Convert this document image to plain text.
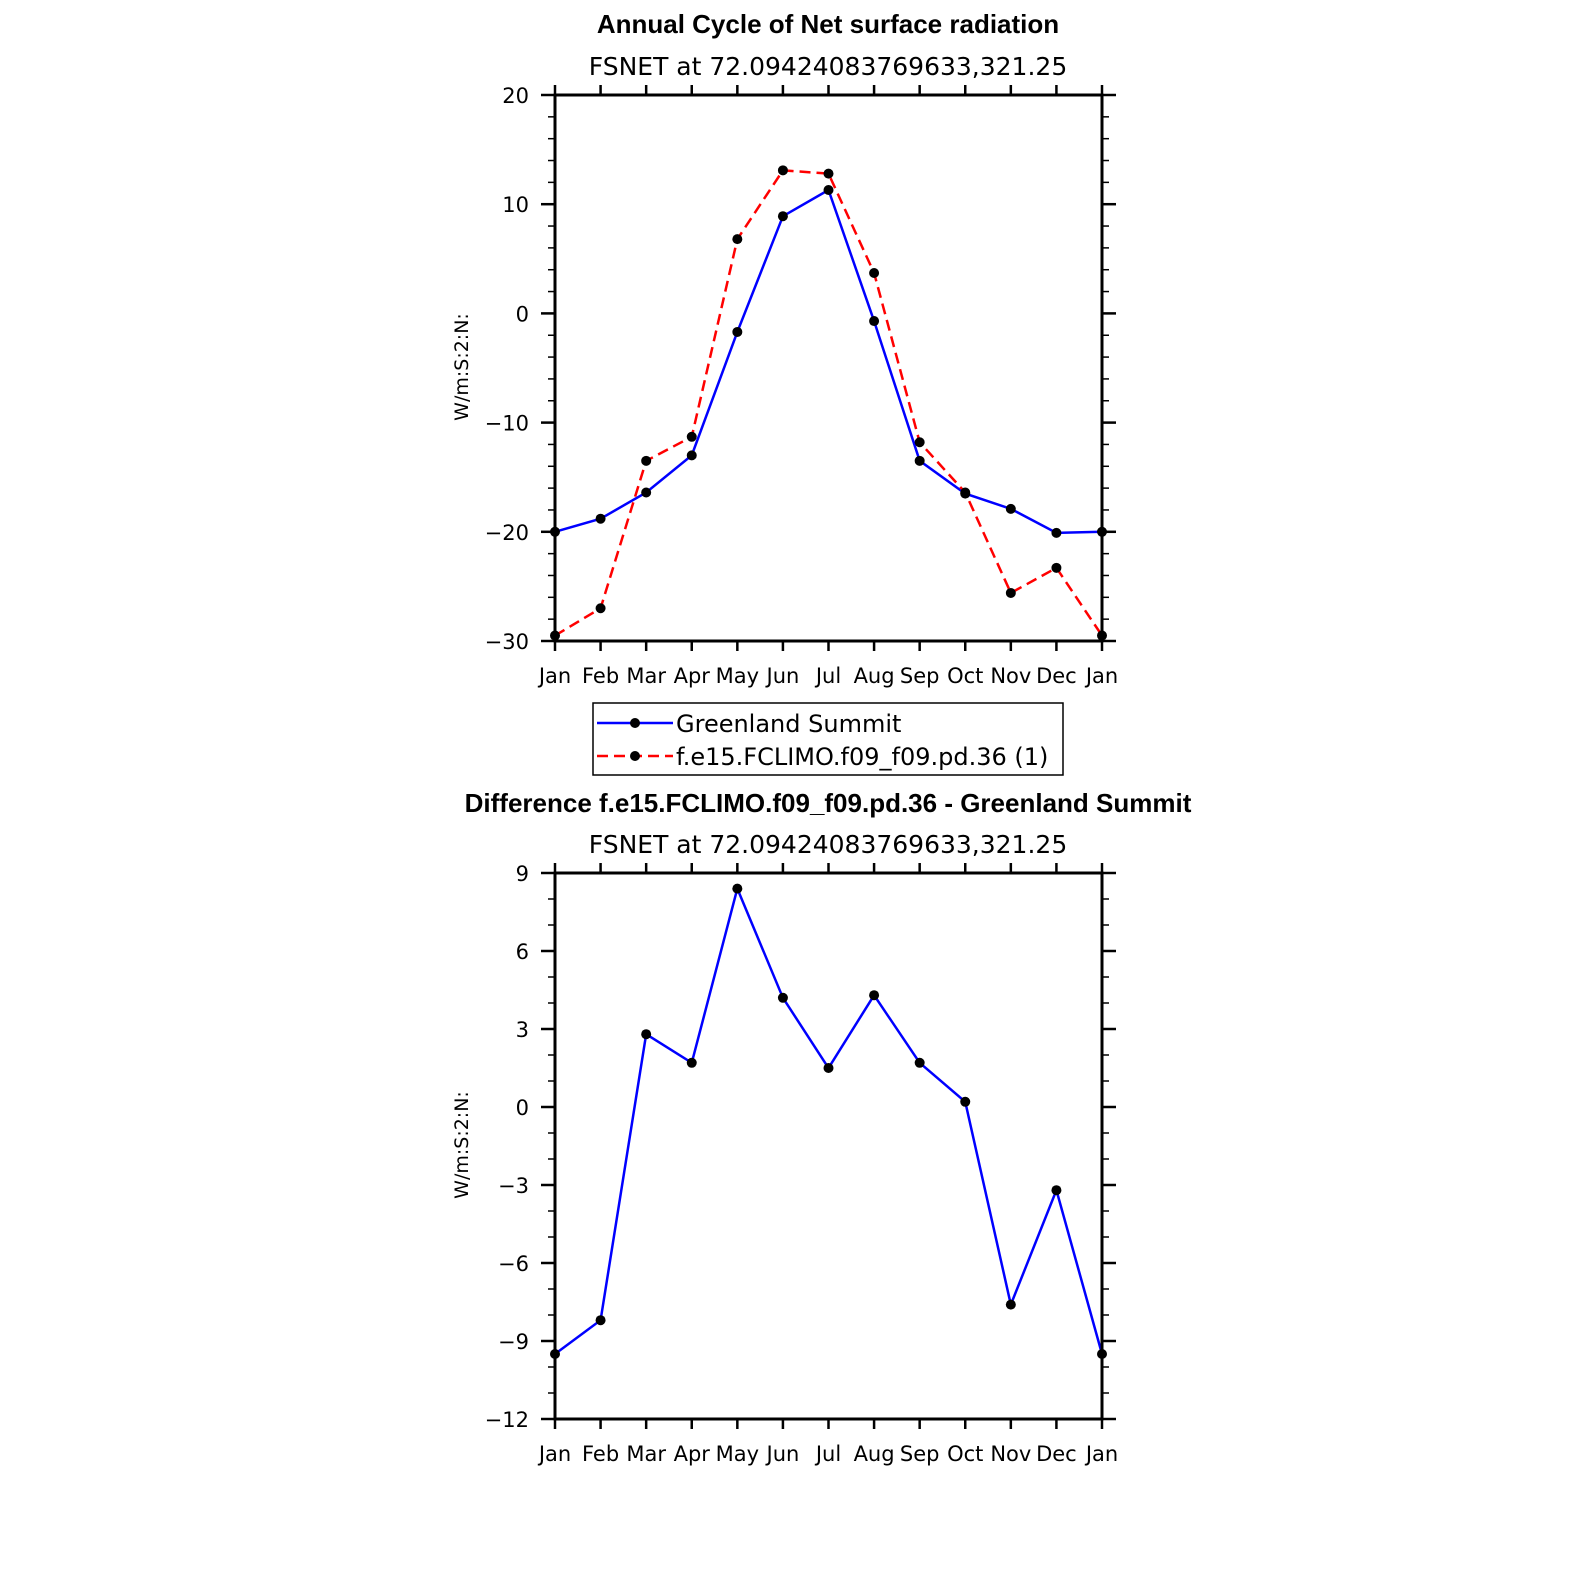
Annual Cycle of Net surface radiation
FSNET at 72.09424083769633,321.25
W/m:S:2:N:
Jan Feb Mar Apr May Jun Jul Aug Sep Oct Nov Dec Jan
−30
−20
−10
0
10
20
Greenland Summit
f.e15.FCLIMO.f09_f09.pd.36 (1)
Difference f.e15.FCLIMO.f09_f09.pd.36 - Greenland Summit
FSNET at 72.09424083769633,321.25
W/m:S:2:N:
Jan Feb Mar Apr May Jun Jul Aug Sep Oct Nov Dec Jan
−12
−9
−6
−3
0
3
6
9
